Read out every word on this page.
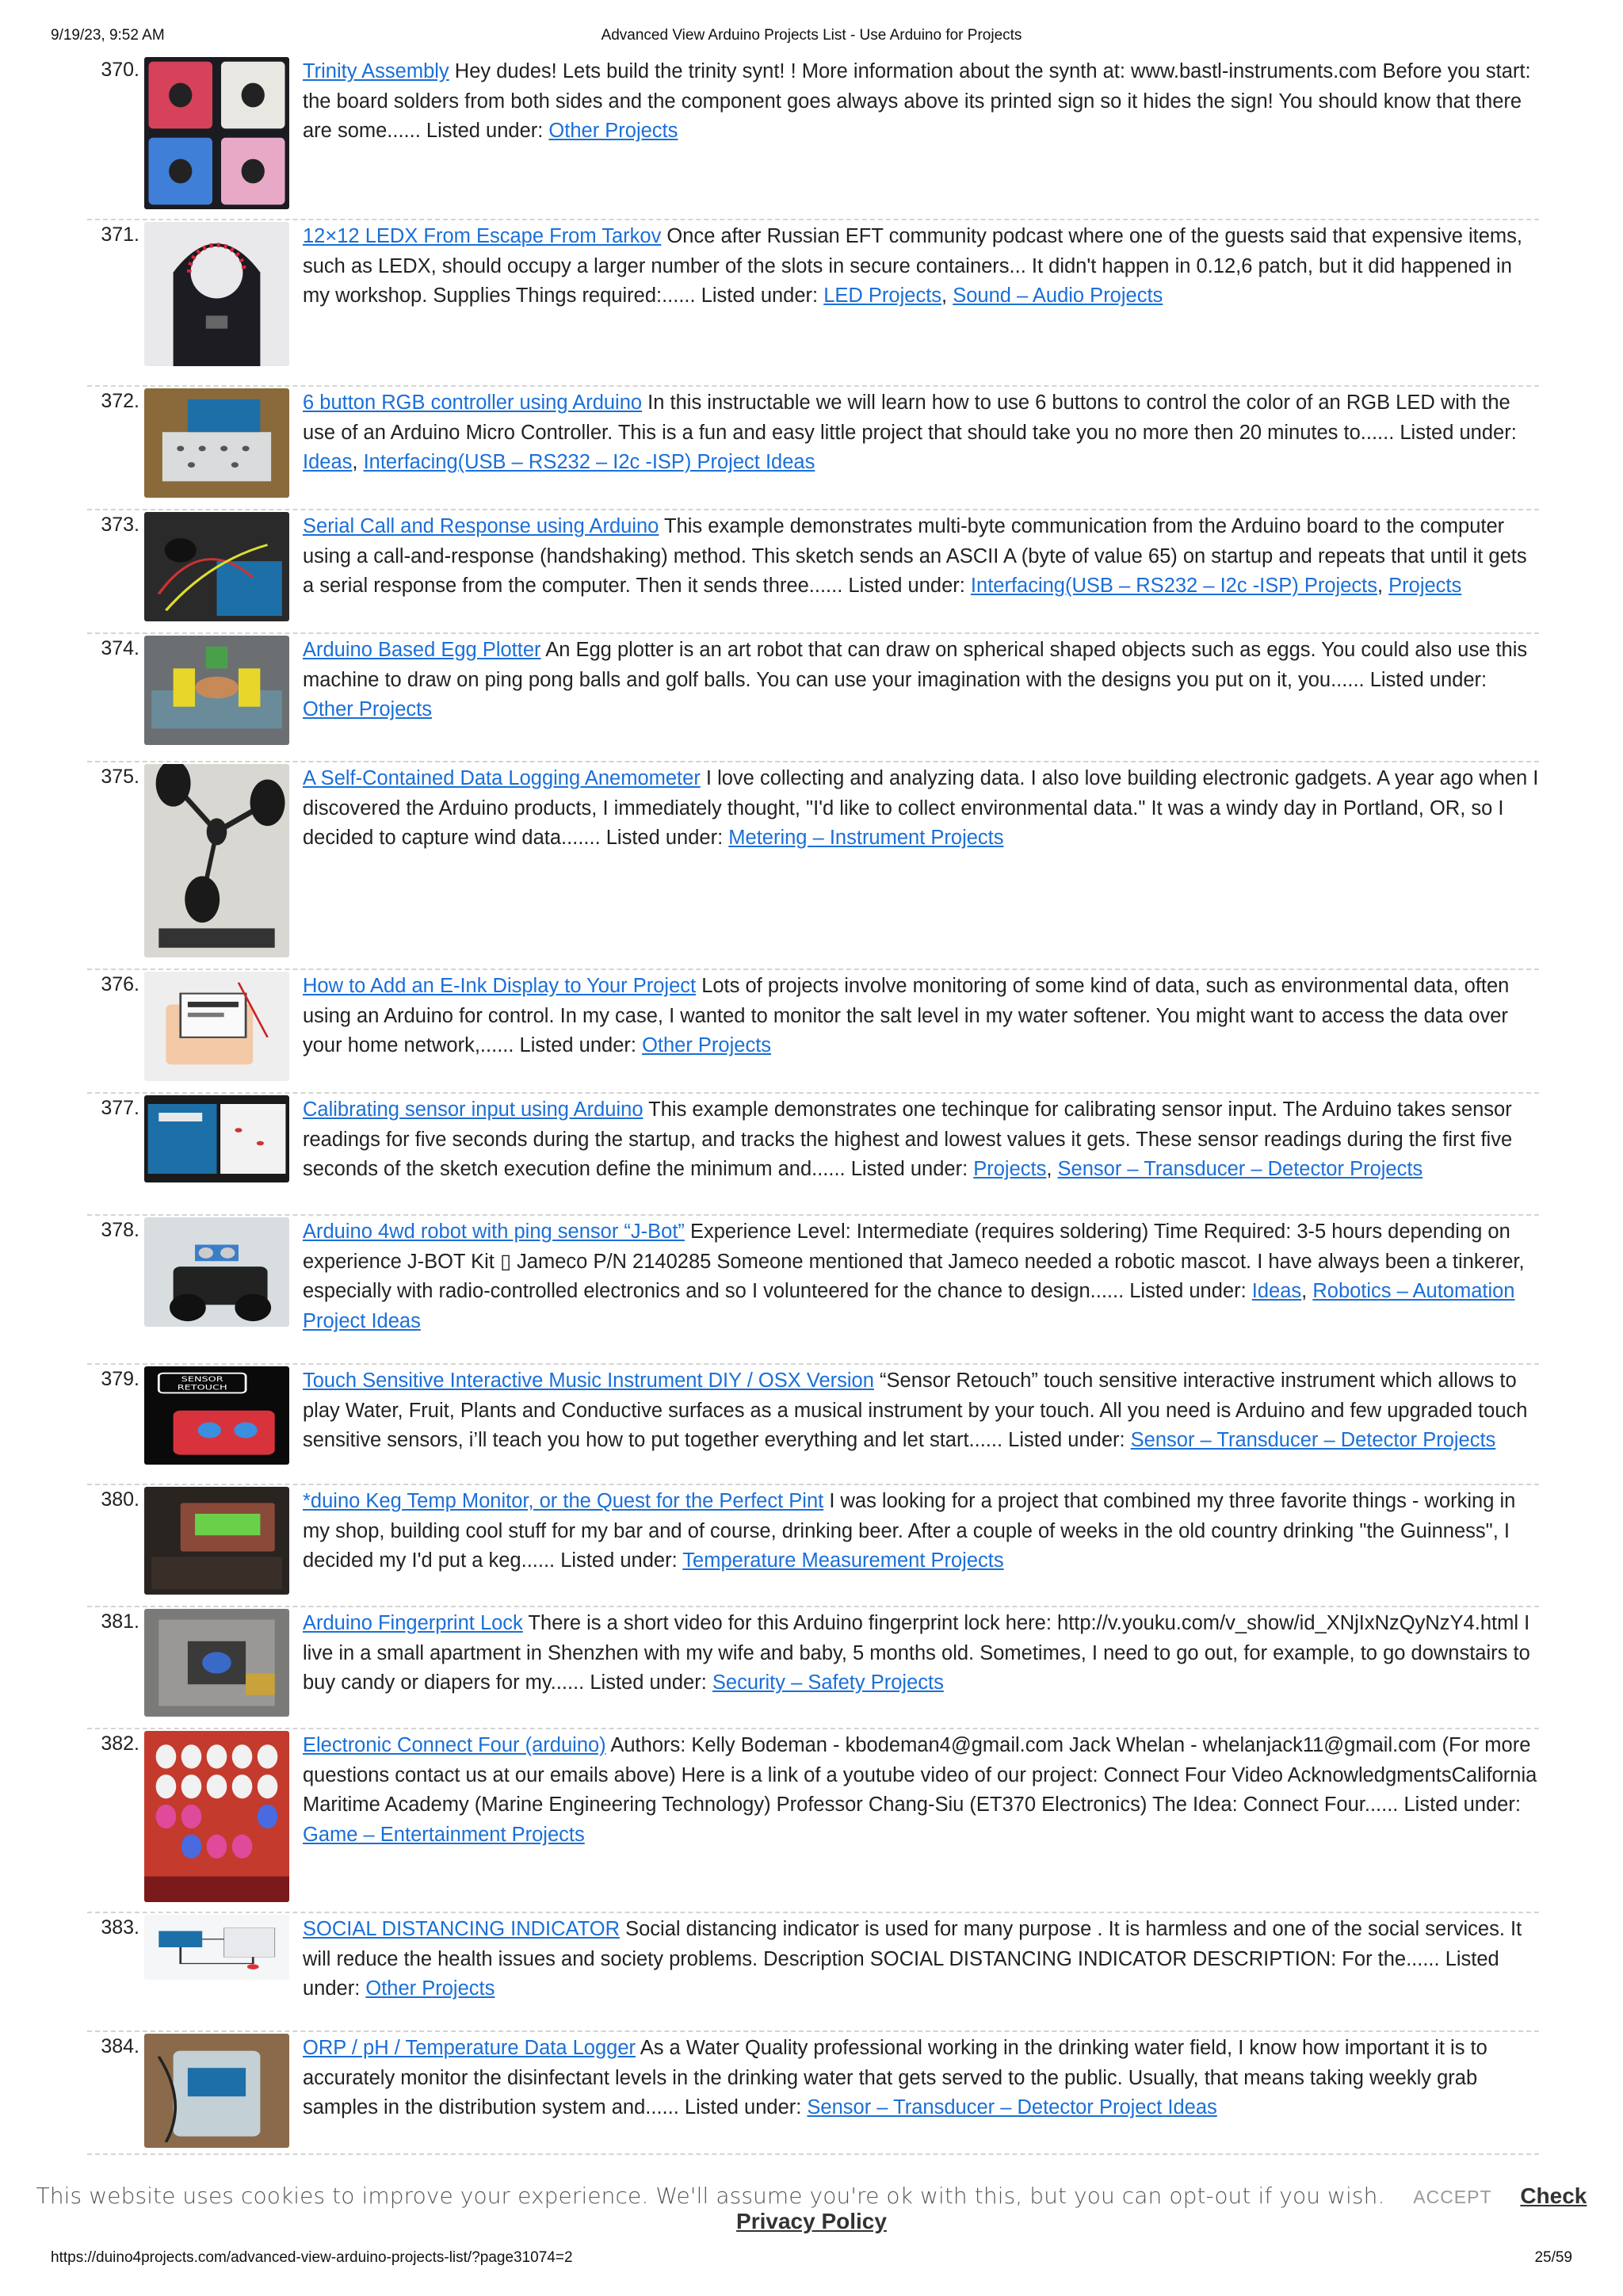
9/19/23, 9:52 AM	Advanced View Arduino Projects List - Use Arduino for Projects
370.	Trinity Assembly Hey dudes! Lets build the trinity synt! ! More information about the synth at: www.bastl-instruments.com Before you start: the board solders from both sides and the component goes always above its printed sign so it hides the sign! You should know that there are some...... Listed under: Other Projects
371.	12×12 LEDX From Escape From Tarkov Once after Russian EFT community podcast where one of the guests said that expensive items, such as LEDX, should occupy a larger number of the slots in secure containers... It didn't happen in 0.12,6 patch, but it did happened in my workshop. Supplies Things required:...... Listed under: LED Projects, Sound – Audio Projects
372.	6 button RGB controller using Arduino In this instructable we will learn how to use 6 buttons to control the color of an RGB LED with the use of an Arduino Micro Controller. This is a fun and easy little project that should take you no more then 20 minutes to...... Listed under: Ideas, Interfacing(USB – RS232 – I2c -ISP) Project Ideas
373.	Serial Call and Response using Arduino This example demonstrates multi-byte communication from the Arduino board to the computer using a call-and-response (handshaking) method. This sketch sends an ASCII A (byte of value 65) on startup and repeats that until it gets a serial response from the computer. Then it sends three...... Listed under: Interfacing(USB – RS232 – I2c -ISP) Projects, Projects
374.	Arduino Based Egg Plotter An Egg plotter is an art robot that can draw on spherical shaped objects such as eggs. You could also use this machine to draw on ping pong balls and golf balls. You can use your imagination with the designs you put on it, you...... Listed under: Other Projects
375.	A Self-Contained Data Logging Anemometer I love collecting and analyzing data. I also love building electronic gadgets. A year ago when I discovered the Arduino products, I immediately thought, "I'd like to collect environmental data." It was a windy day in Portland, OR, so I decided to capture wind data....... Listed under: Metering – Instrument Projects
376.	How to Add an E-Ink Display to Your Project Lots of projects involve monitoring of some kind of data, such as environmental data, often using an Arduino for control. In my case, I wanted to monitor the salt level in my water softener. You might want to access the data over your home network,...... Listed under: Other Projects
377.	Calibrating sensor input using Arduino This example demonstrates one techinque for calibrating sensor input. The Arduino takes sensor readings for five seconds during the startup, and tracks the highest and lowest values it gets. These sensor readings during the first five seconds of the sketch execution define the minimum and...... Listed under: Projects, Sensor – Transducer – Detector Projects
378.	Arduino 4wd robot with ping sensor “J-Bot” Experience Level: Intermediate (requires soldering) Time Required: 3-5 hours depending on experience J-BOT Kit ▯ Jameco P/N 2140285 Someone mentioned that Jameco needed a robotic mascot. I have always been a tinkerer, especially with radio-controlled electronics and so I volunteered for the chance to design...... Listed under: Ideas, Robotics – Automation Project Ideas
379.	SENSOR
RETOUCH	Touch Sensitive Interactive Music Instrument DIY / OSX Version “Sensor Retouch” touch sensitive interactive instrument which allows to play Water, Fruit, Plants and Conductive surfaces as a musical instrument by your touch. All you need is Arduino and few upgraded touch sensitive sensors, i’ll teach you how to put together everything and let start...... Listed under: Sensor – Transducer – Detector Projects
380.	*duino Keg Temp Monitor, or the Quest for the Perfect Pint I was looking for a project that combined my three favorite things - working in my shop, building cool stuff for my bar and of course, drinking beer. After a couple of weeks in the old country drinking "the Guinness", I decided my I'd put a keg...... Listed under: Temperature Measurement Projects
381.	Arduino Fingerprint Lock There is a short video for this Arduino fingerprint lock here: http://v.youku.com/v_show/id_XNjIxNzQyNzY4.html I live in a small apartment in Shenzhen with my wife and baby, 5 months old. Sometimes, I need to go out, for example, to go downstairs to buy candy or diapers for my...... Listed under: Security – Safety Projects
382.	Electronic Connect Four (arduino) Authors: Kelly Bodeman - kbodeman4@gmail.com Jack Whelan - whelanjack11@gmail.com (For more questions contact us at our emails above) Here is a link of a youtube video of our project: Connect Four Video AcknowledgmentsCalifornia Maritime Academy (Marine Engineering Technology) Professor Chang-Siu (ET370 Electronics) The Idea: Connect Four...... Listed under: Game – Entertainment Projects
383.	SOCIAL DISTANCING INDICATOR Social distancing indicator is used for many purpose . It is harmless and one of the social services. It will reduce the health issues and society problems. Description SOCIAL DISTANCING INDICATOR DESCRIPTION: For the...... Listed under: Other Projects
384.	ORP / pH / Temperature Data Logger As a Water Quality professional working in the drinking water field, I know how important it is to accurately monitor the disinfectant levels in the drinking water that gets served to the public. Usually, that means taking weekly grab samples in the distribution system and...... Listed under: Sensor – Transducer – Detector Project Ideas
This website uses cookies to improve your experience. We'll assume you're ok with this, but you can opt-out if you wish. ACCEPT Check Privacy Policy
https://duino4projects.com/advanced-view-arduino-projects-list/?page31074=2	25/59
